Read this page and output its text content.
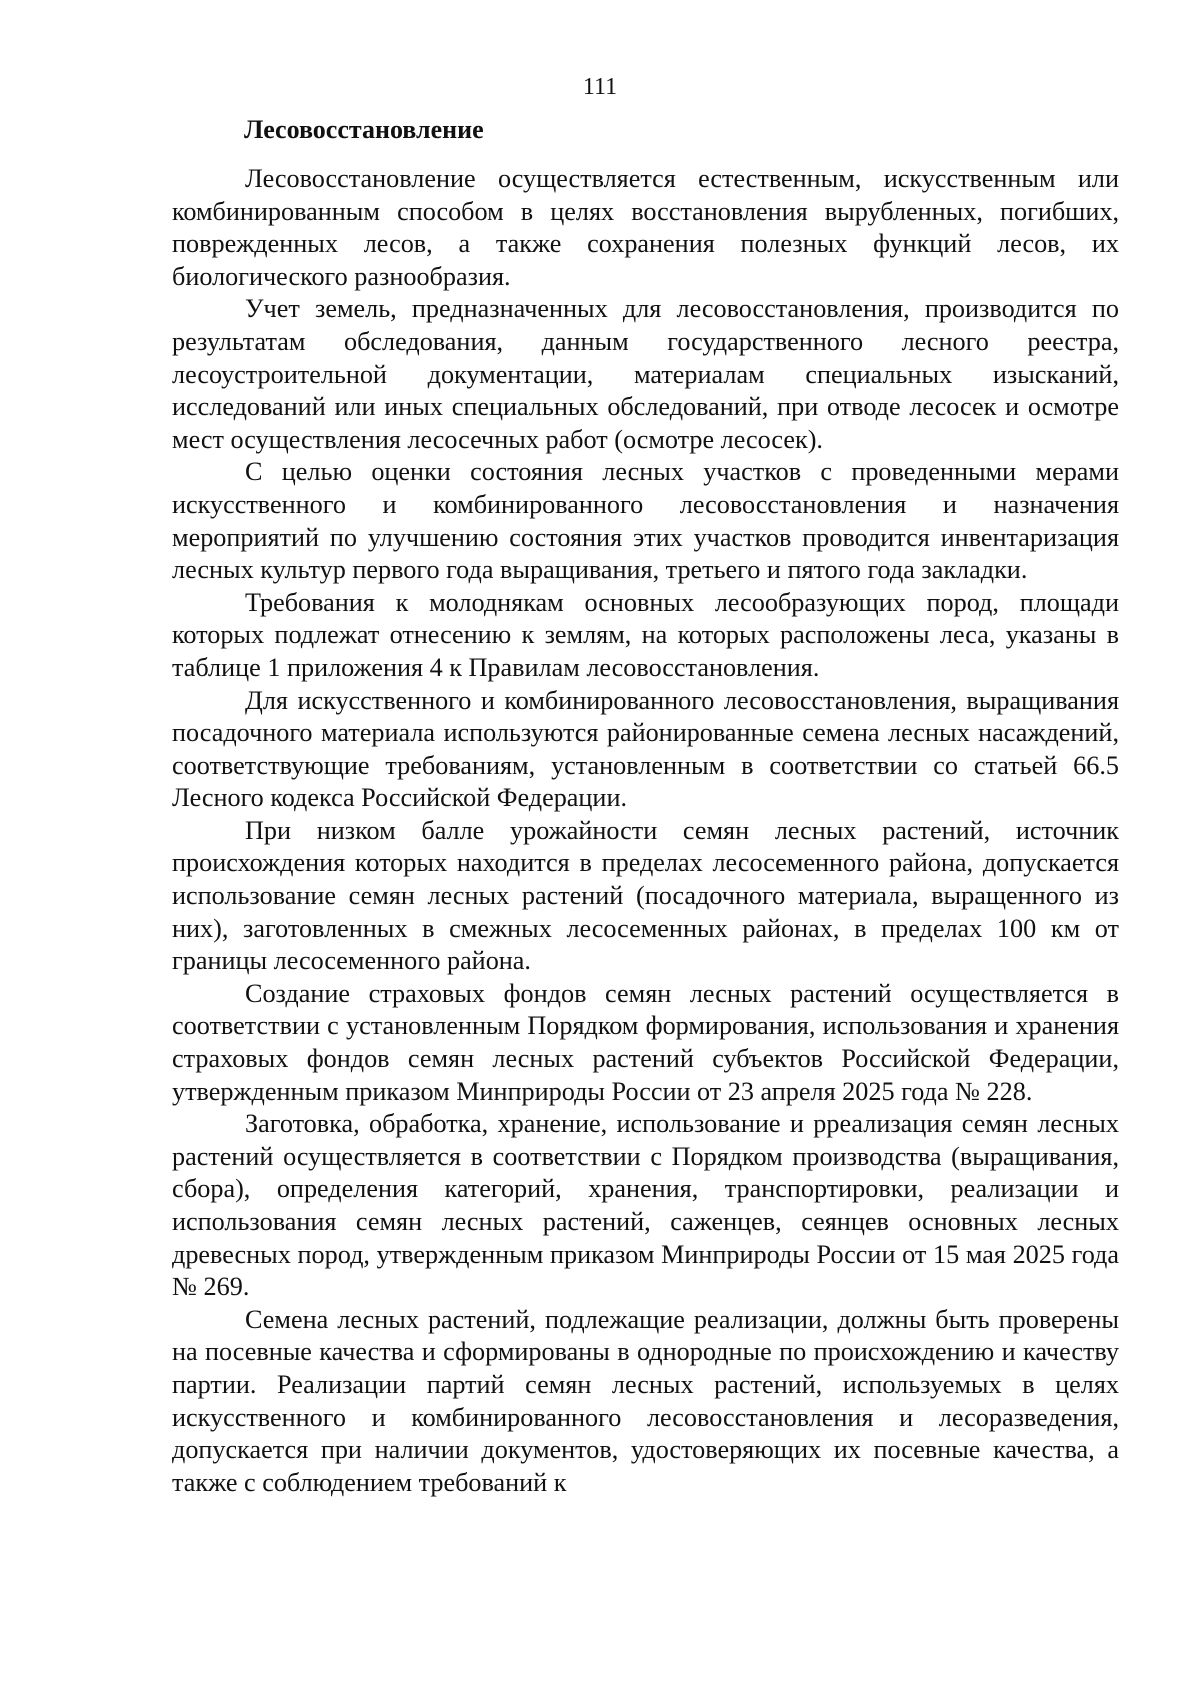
111

Лесовосстановление

Лесовосстановление осуществляется естественным, искусственным или комбинированным способом в целях восстановления вырубленных, погибших, поврежденных лесов, а также сохранения полезных функций лесов, их биологического разнообразия.

Учет земель, предназначенных для лесовосстановления, производится по результатам обследования, данным государственного лесного реестра, лесоустроительной документации, материалам специальных изысканий, исследований или иных специальных обследований, при отводе лесосек и осмотре мест осуществления лесосечных работ (осмотре лесосек).

С целью оценки состояния лесных участков с проведенными мерами искусственного и комбинированного лесовосстановления и назначения мероприятий по улучшению состояния этих участков проводится инвентаризация лесных культур первого года выращивания, третьего и пятого года закладки.

Требования к молоднякам основных лесообразующих пород, площади которых подлежат отнесению к землям, на которых расположены леса, указаны в таблице 1 приложения 4 к Правилам лесовосстановления.

Для искусственного и комбинированного лесовосстановления, выращивания посадочного материала используются районированные семена лесных насаждений, соответствующие требованиям, установленным в соответствии со статьей 66.5 Лесного кодекса Российской Федерации.

При низком балле урожайности семян лесных растений, источник происхождения которых находится в пределах лесосеменного района, допускается использование семян лесных растений (посадочного материала, выращенного из них), заготовленных в смежных лесосеменных районах, в пределах 100 км от границы лесосеменного района.

Создание страховых фондов семян лесных растений осуществляется в соответствии с установленным Порядком формирования, использования и хранения страховых фондов семян лесных растений субъектов Российской Федерации, утвержденным приказом Минприроды России от 23 апреля 2025 года № 228.

Заготовка, обработка, хранение, использование и рреализация семян лесных растений осуществляется в соответствии с Порядком производства (выращивания, сбора), определения категорий, хранения, транспортировки, реализации и использования семян лесных растений, саженцев, сеянцев основных лесных древесных пород, утвержденным приказом Минприроды России от 15 мая 2025 года № 269.

Семена лесных растений, подлежащие реализации, должны быть проверены на посевные качества и сформированы в однородные по происхождению и качеству партии. Реализации партий семян лесных растений, используемых в целях искусственного и комбинированного лесовосстановления и лесоразведения, допускается при наличии документов, удостоверяющих их посевные качества, а также с соблюдением требований к
